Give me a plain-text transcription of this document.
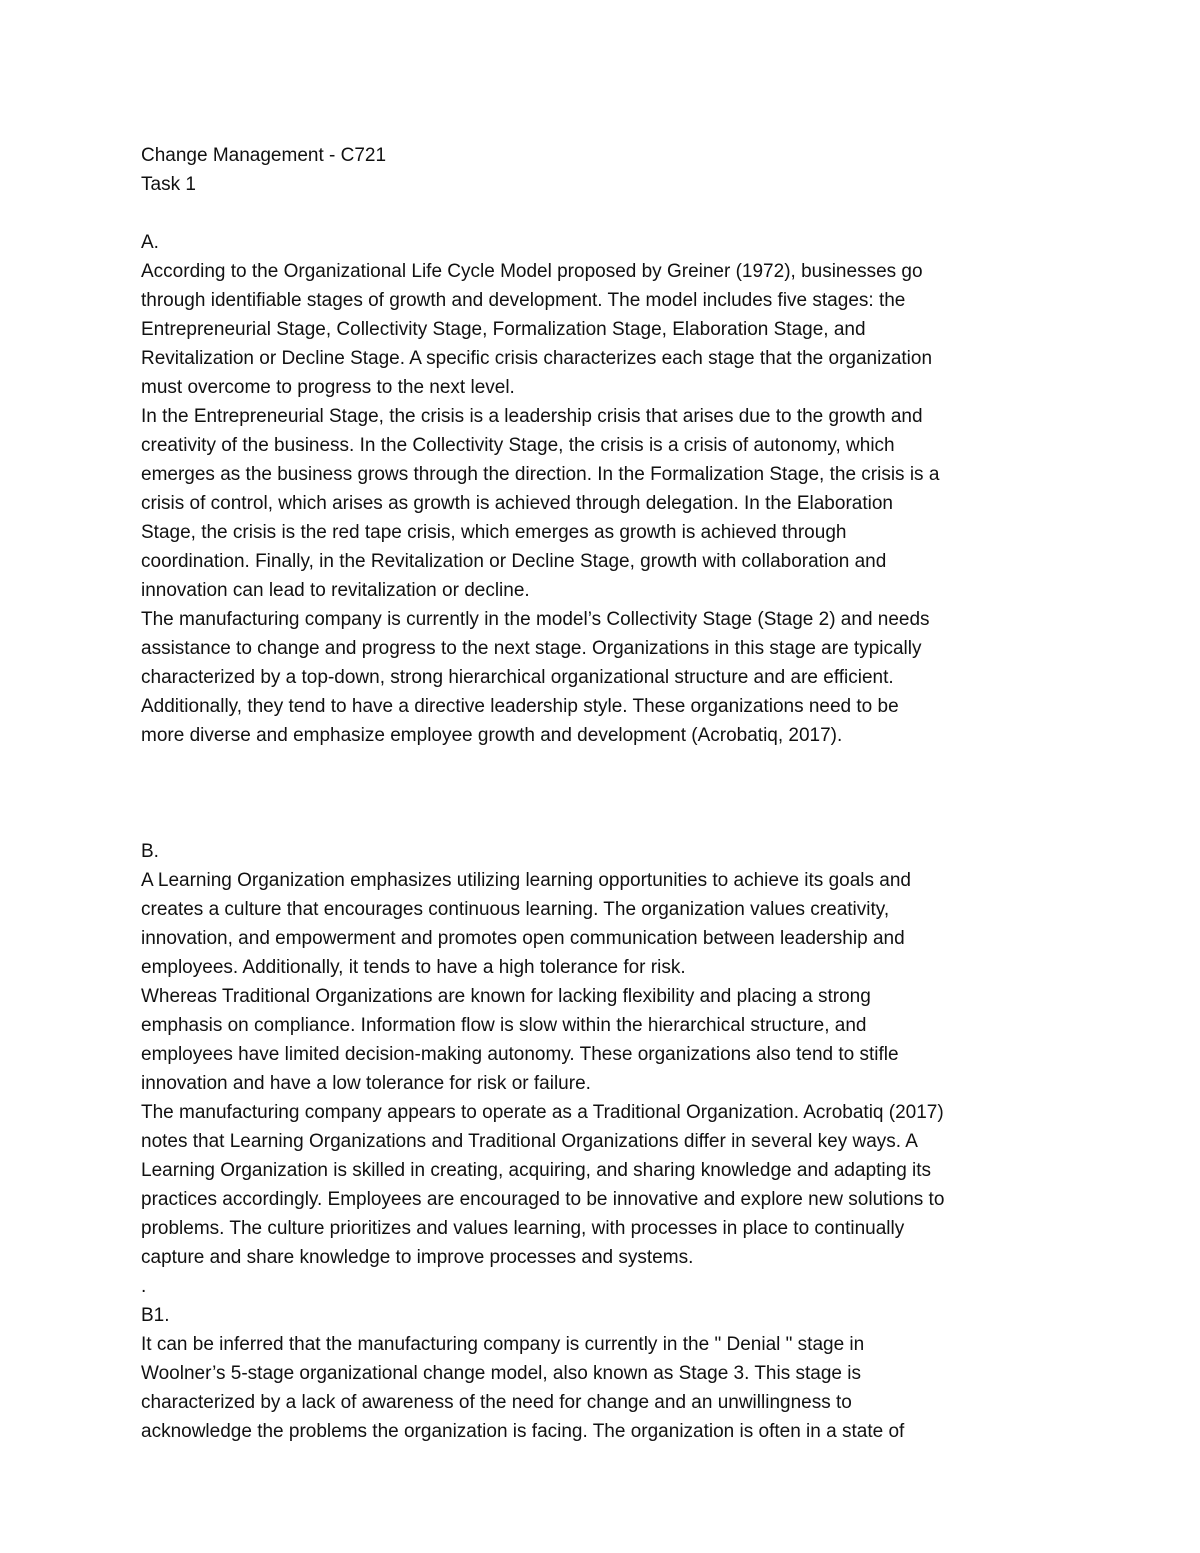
Change Management - C721
Task 1
A.
According to the Organizational Life Cycle Model proposed by Greiner (1972), businesses go
through identifiable stages of growth and development. The model includes five stages: the
Entrepreneurial Stage, Collectivity Stage, Formalization Stage, Elaboration Stage, and
Revitalization or Decline Stage. A specific crisis characterizes each stage that the organization
must overcome to progress to the next level.
In the Entrepreneurial Stage, the crisis is a leadership crisis that arises due to the growth and
creativity of the business. In the Collectivity Stage, the crisis is a crisis of autonomy, which
emerges as the business grows through the direction. In the Formalization Stage, the crisis is a
crisis of control, which arises as growth is achieved through delegation. In the Elaboration
Stage, the crisis is the red tape crisis, which emerges as growth is achieved through
coordination. Finally, in the Revitalization or Decline Stage, growth with collaboration and
innovation can lead to revitalization or decline.
The manufacturing company is currently in the model’s Collectivity Stage (Stage 2) and needs
assistance to change and progress to the next stage. Organizations in this stage are typically
characterized by a top-down, strong hierarchical organizational structure and are efficient.
Additionally, they tend to have a directive leadership style. These organizations need to be
more diverse and emphasize employee growth and development (Acrobatiq, 2017).
B.
A Learning Organization emphasizes utilizing learning opportunities to achieve its goals and
creates a culture that encourages continuous learning. The organization values creativity,
innovation, and empowerment and promotes open communication between leadership and
employees. Additionally, it tends to have a high tolerance for risk.
Whereas Traditional Organizations are known for lacking flexibility and placing a strong
emphasis on compliance. Information flow is slow within the hierarchical structure, and
employees have limited decision-making autonomy. These organizations also tend to stifle
innovation and have a low tolerance for risk or failure.
The manufacturing company appears to operate as a Traditional Organization. Acrobatiq (2017)
notes that Learning Organizations and Traditional Organizations differ in several key ways. A
Learning Organization is skilled in creating, acquiring, and sharing knowledge and adapting its
practices accordingly. Employees are encouraged to be innovative and explore new solutions to
problems. The culture prioritizes and values learning, with processes in place to continually
capture and share knowledge to improve processes and systems.
.
B1.
It can be inferred that the manufacturing company is currently in the " Denial " stage in
Woolner’s 5-stage organizational change model, also known as Stage 3. This stage is
characterized by a lack of awareness of the need for change and an unwillingness to
acknowledge the problems the organization is facing. The organization is often in a state of
